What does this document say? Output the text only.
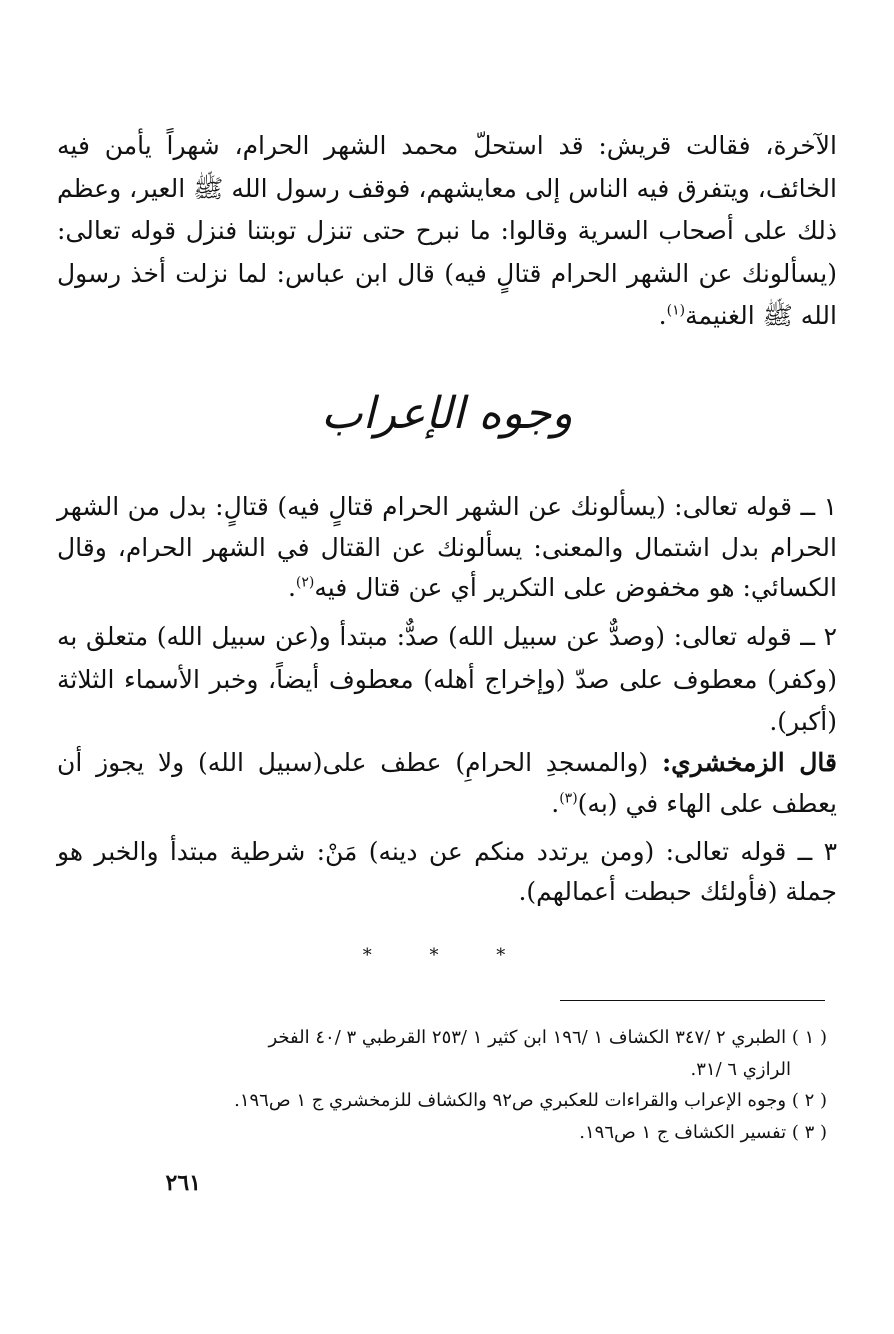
الآخرة، فقالت قريش: قد استحلّ محمد الشهر الحرام، شهراً يأمن فيه الخائف، ويتفرق فيه الناس إلى معايشهم، فوقف رسول الله ﷺ العير، وعظم ذلك على أصحاب السرية وقالوا: ما نبرح حتى تنزل توبتنا فنزل قوله تعالى: (يسألونك عن الشهر الحرام قتالٍ فيه) قال ابن عباس: لما نزلت أخذ رسول الله ﷺ الغنيمة$^{(١)}$.
وجوه الإعراب
١ ــ قوله تعالى: (يسألونك عن الشهر الحرام قتالٍ فيه) قتالٍ: بدل من الشهر الحرام بدل اشتمال والمعنى: يسألونك عن القتال في الشهر الحرام، وقال الكسائي: هو مخفوض على التكرير أي عن قتال فيه$^{(٢)}$.
٢ ــ قوله تعالى: (وصدٌّ عن سبيل الله) صدٌّ: مبتدأ و(عن سبيل الله) متعلق به (وكفر) معطوف على صدّ (وإخراج أهله) معطوف أيضاً، وخبر الأسماء الثلاثة (أكبر).
قال الزمخشري: (والمسجدِ الحرامِ) عطف على(سبيل الله) ولا يجوز أن يعطف على الهاء في (به)$^{(٣)}$.
٣ ــ قوله تعالى: (ومن يرتدد منكم عن دينه) مَنْ: شرطية مبتدأ والخبر هو جملة (فأولئك حبطت أعمالهم).
* * *
( ١ ) الطبري ٢ /٣٤٧ الكشاف ١ /١٩٦ ابن كثير ١ /٢٥٣ القرطبي ٣ /٤٠ الفخر
الرازي ٦ /٣١.
( ٢ ) وجوه الإعراب والقراءات للعكبري ص٩٢ والكشاف للزمخشري ج ١ ص١٩٦.
( ٣ ) تفسير الكشاف ج ١ ص١٩٦.
٢٦١
